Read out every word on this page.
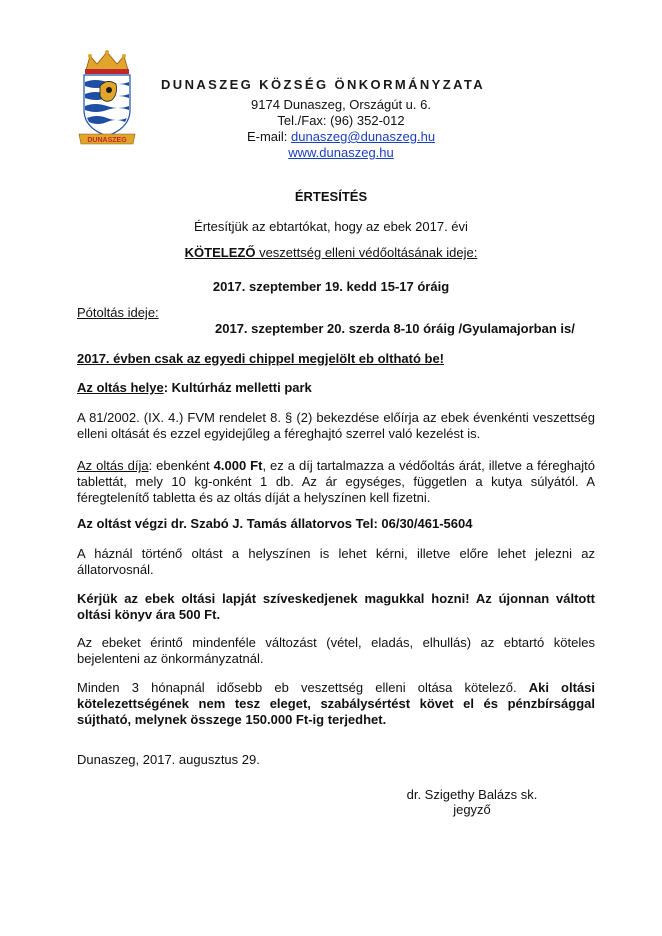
DUNASZEG
DUNASZEG KÖZSÉG ÖNKORMÁNYZATA
9174 Dunaszeg, Országút u. 6.
Tel./Fax: (96) 352-012
E-mail: dunaszeg@dunaszeg.hu
www.dunaszeg.hu
ÉRTESÍTÉS
Értesítjük az ebtartókat, hogy az ebek 2017. évi
KÖTELEZŐ veszettség elleni védőoltásának ideje:
2017. szeptember 19. kedd 15-17 óráig
Pótoltás ideje:
2017. szeptember 20. szerda 8-10 óráig /Gyulamajorban is/
2017. évben csak az egyedi chippel megjelölt eb oltható be!
Az oltás helye: Kultúrház melletti park
A 81/2002. (IX. 4.) FVM rendelet 8. § (2) bekezdése előírja az ebek évenkénti veszettség elleni oltását és ezzel egyidejűleg a féreghajtó szerrel való kezelést is.
Az oltás díja: ebenként 4.000 Ft, ez a díj tartalmazza a védőoltás árát, illetve a féreghajtó tablettát, mely 10 kg-onként 1 db. Az ár egységes, független a kutya súlyától. A féregtelenítő tabletta és az oltás díját a helyszínen kell fizetni.
Az oltást végzi dr. Szabó J. Tamás állatorvos Tel: 06/30/461-5604
A háznál történő oltást a helyszínen is lehet kérni, illetve előre lehet jelezni az állatorvosnál.
Kérjük az ebek oltási lapját szíveskedjenek magukkal hozni! Az újonnan váltott oltási könyv ára 500 Ft.
Az ebeket érintő mindenféle változást (vétel, eladás, elhullás) az ebtartó köteles bejelenteni az önkormányzatnál.
Minden 3 hónapnál idősebb eb veszettség elleni oltása kötelező. Aki oltási kötelezettségének nem tesz eleget, szabálysértést követ el és pénzbírsággal sújtható, melynek összege 150.000 Ft-ig terjedhet.
Dunaszeg, 2017. augusztus 29.
dr. Szigethy Balázs sk.
jegyző
